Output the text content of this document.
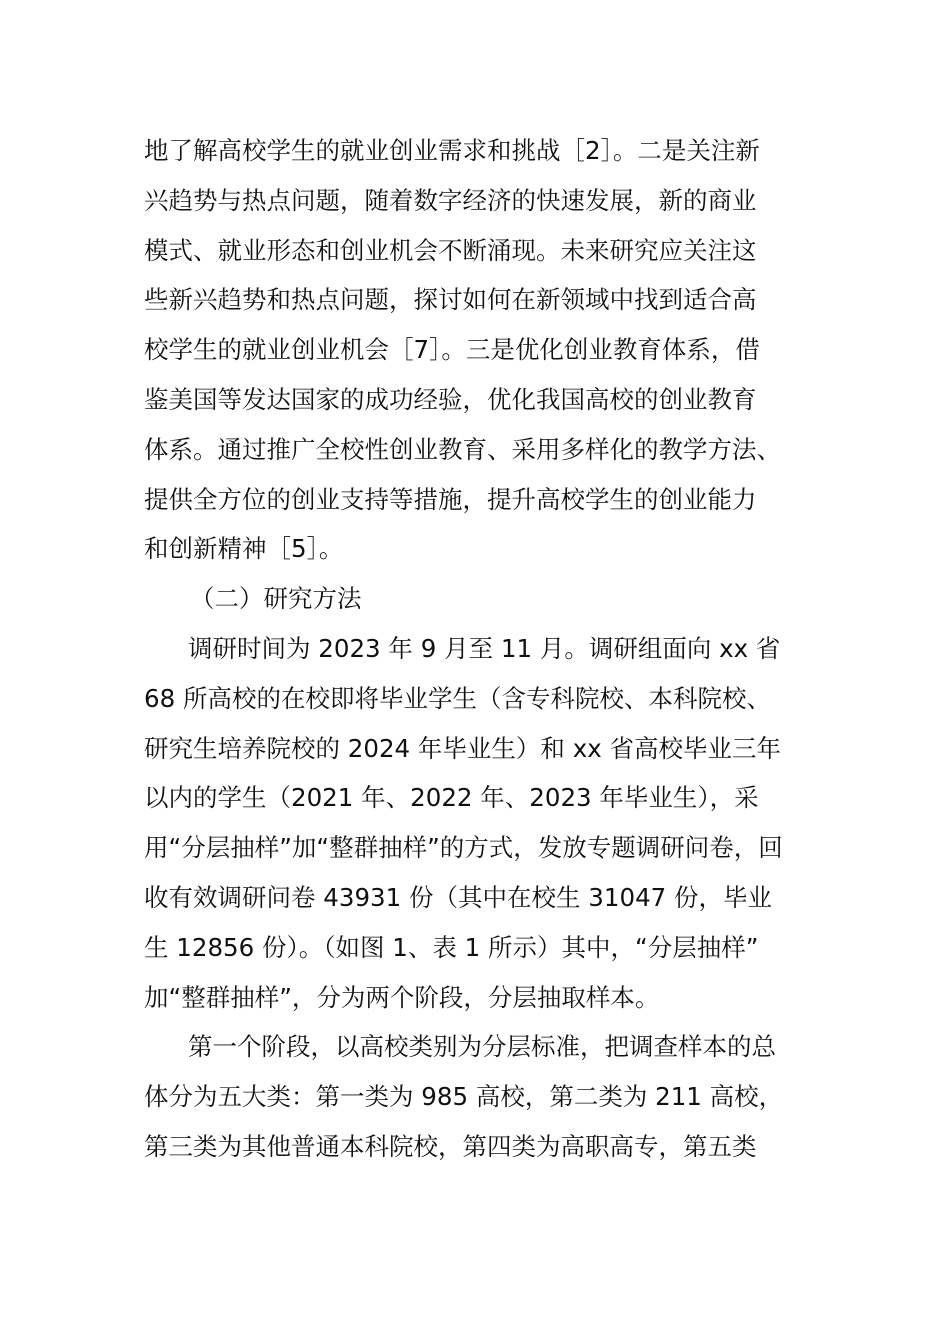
地了解高校学生的就业创业需求和挑战［2］。二是关注新
兴趋势与热点问题，随着数字经济的快速发展，新的商业
模式、就业形态和创业机会不断涌现。未来研究应关注这
些新兴趋势和热点问题，探讨如何在新领域中找到适合高
校学生的就业创业机会［7］。三是优化创业教育体系，借
鉴美国等发达国家的成功经验，优化我国高校的创业教育
体系。通过推广全校性创业教育、采用多样化的教学方法、
提供全方位的创业支持等措施，提升高校学生的创业能力
和创新精神［5］。
（二）研究方法
调研时间为 2023 年 9 月至 11 月。调研组面向 xx 省
68 所高校的在校即将毕业学生（含专科院校、本科院校、
研究生培养院校的 2024 年毕业生）和 xx 省高校毕业三年
以内的学生（2021 年、2022 年、2023 年毕业生），采
用“分层抽样”加“整群抽样”的方式，发放专题调研问卷，回
收有效调研问卷 43931 份（其中在校生 31047 份，毕业
生 12856 份）。（如图 1、表 1 所示）其中，“分层抽样”
加“整群抽样”，分为两个阶段，分层抽取样本。
第一个阶段，以高校类别为分层标准，把调查样本的总
体分为五大类：第一类为 985 高校，第二类为 211 高校，
第三类为其他普通本科院校，第四类为高职高专，第五类
